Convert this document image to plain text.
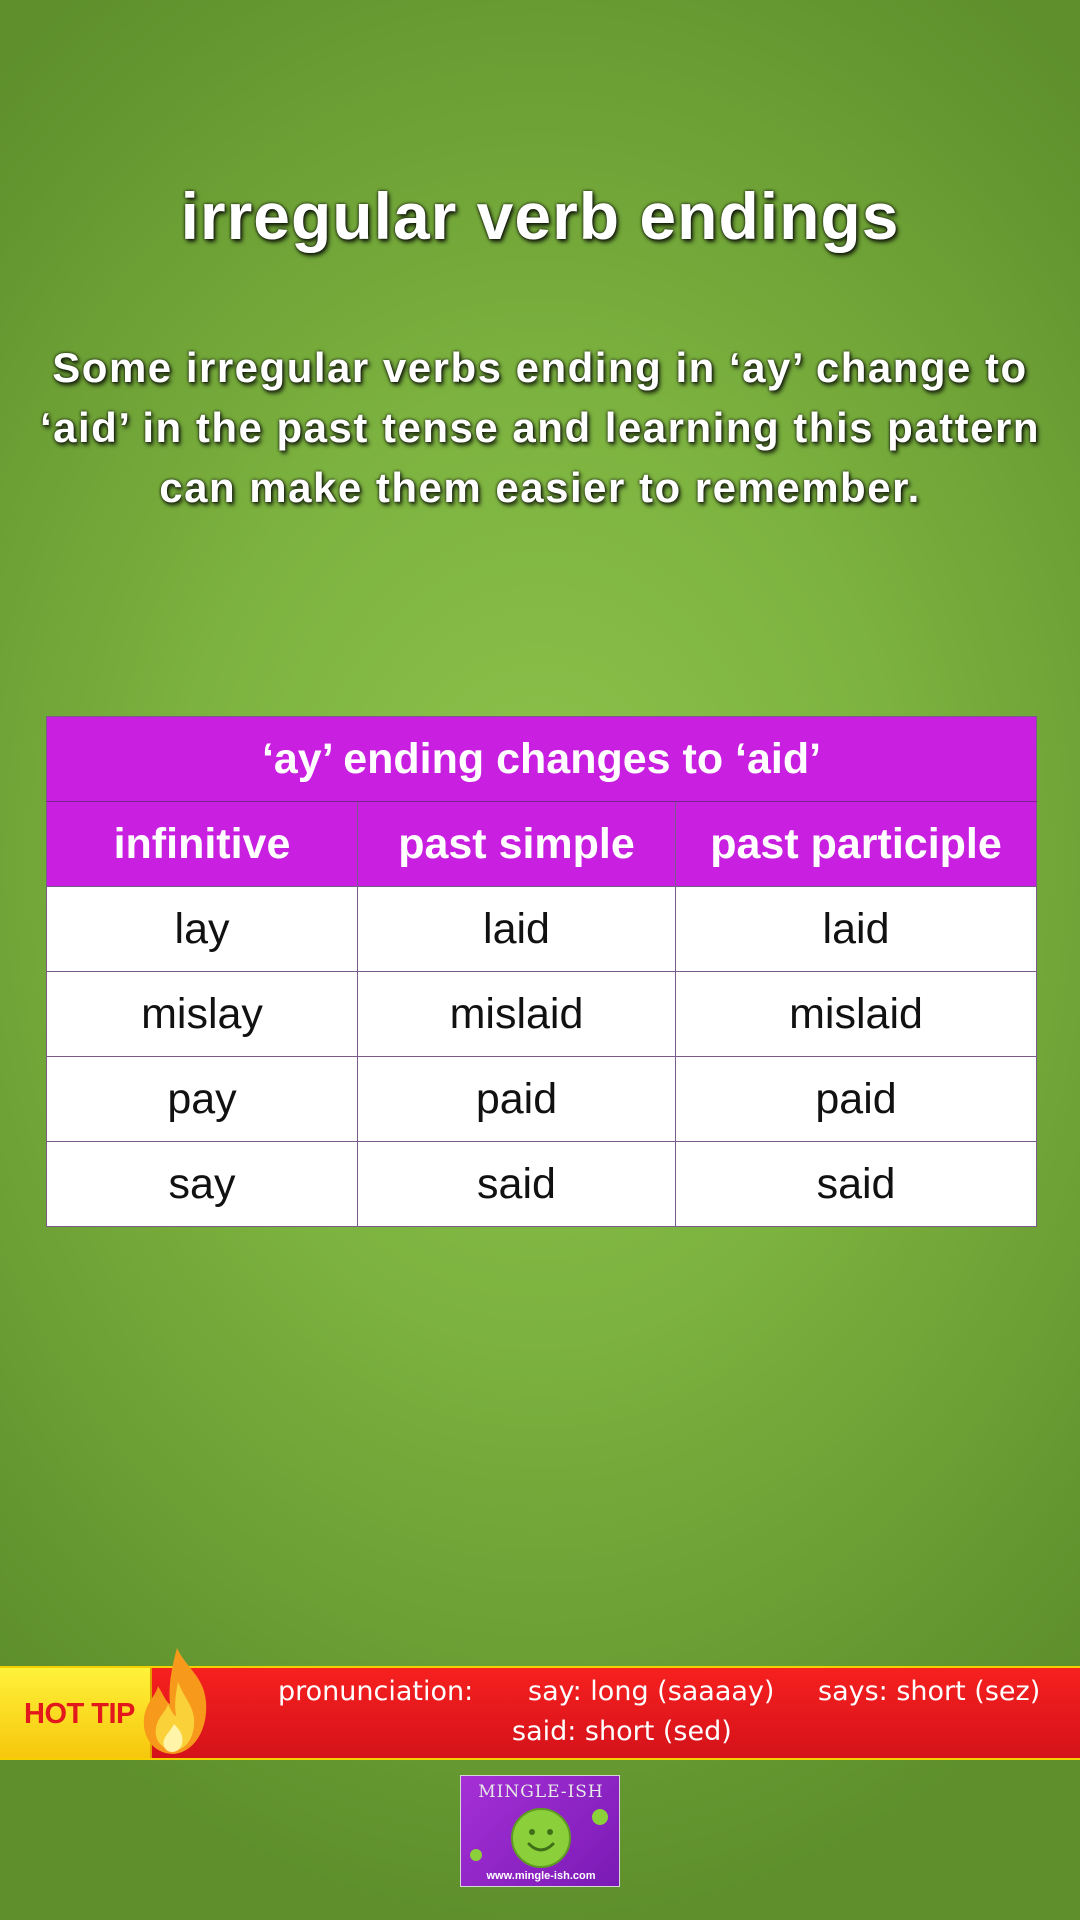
irregular verb endings
Some irregular verbs ending in ‘ay’ change to ‘aid’ in the past tense and learning this pattern can make them easier to remember.
‘ay’ ending changes to ‘aid’		
infinitive	past simple	past participle
lay	laid	laid
mislay	mislaid	mislaid
pay	paid	paid
say	said	said
HOT TIP
pronunciation: say: long (saaaay) says: short (sez)
said: short (sed)
MINGLE-ISH
www.mingle-ish.com
